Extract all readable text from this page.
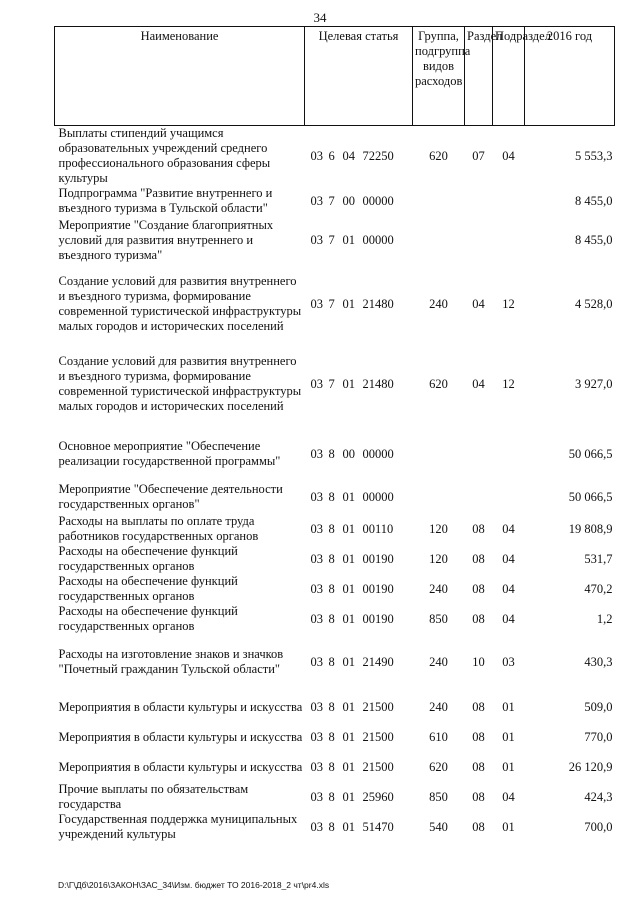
34
Наименование	Целевая статья	Группа, подгруппа видов расходов	Раздел	Подраздел	2016 год
Выплаты стипендий учащимся образовательных учреждений среднего профессионального образования сферы культуры	03 6 04 72250	620	07	04	5 553,3
Подпрограмма "Развитие внутреннего и въездного туризма в Тульской области"	03 7 00 00000				8 455,0
Мероприятие "Создание благоприятных условий для развития внутреннего и въездного туризма"	03 7 01 00000				8 455,0
Создание условий для развития внутреннего и въездного туризма, формирование современной туристической инфраструктуры малых городов и исторических поселений	03 7 01 21480	240	04	12	4 528,0
Создание условий для развития внутреннего и въездного туризма, формирование современной туристической инфраструктуры малых городов и исторических поселений	03 7 01 21480	620	04	12	3 927,0

Основное мероприятие "Обеспечение реализации государственной программы"	03 8 00 00000				50 066,5

Мероприятие "Обеспечение деятельности государственных органов"	03 8 01 00000				50 066,5
Расходы на выплаты по оплате труда работников государственных органов	03 8 01 00110	120	08	04	19 808,9
Расходы на обеспечение функций государственных органов	03 8 01 00190	120	08	04	531,7
Расходы на обеспечение функций государственных органов	03 8 01 00190	240	08	04	470,2
Расходы на обеспечение функций государственных органов	03 8 01 00190	850	08	04	1,2

Расходы на изготовление знаков и значков "Почетный гражданин Тульской области"	03 8 01 21490	240	10	03	430,3

Мероприятия в области культуры и искусства	03 8 01 21500	240	08	01	509,0
Мероприятия в области культуры и искусства	03 8 01 21500	610	08	01	770,0
Мероприятия в области культуры и искусства	03 8 01 21500	620	08	01	26 120,9
Прочие выплаты по обязательствам государства	03 8 01 25960	850	08	04	424,3
Государственная поддержка муниципальных учреждений культуры	03 8 01 51470	540	08	01	700,0
D:\Г\Дб\2016\ЗАКОН\ЗАС_34\Изм. бюджет ТО 2016-2018_2 чт\pr4.xls
